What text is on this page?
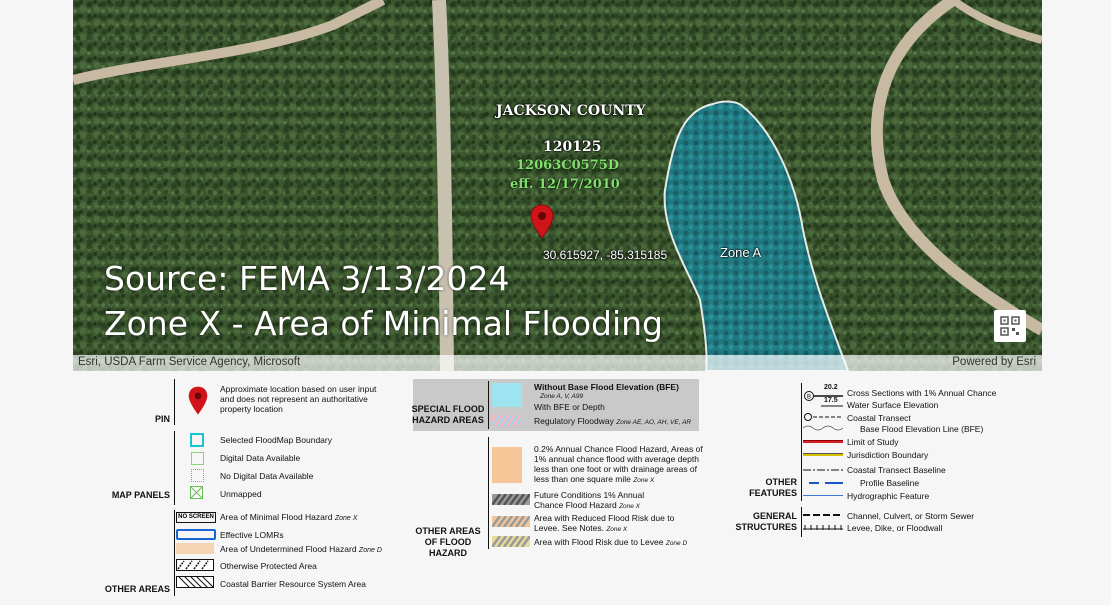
JACKSON COUNTY
120125
12063C0575D
eff. 12/17/2010
30.615927, -85.315185	Zone A
Source: FEMA 3/13/2024
Zone X - Area of Minimal Flooding
Esri, USDA Farm Service Agency, Microsoft	Powered by Esri
PIN
Approximate location based on user input and does not represent an authoritative property location
MAP PANELS
Selected FloodMap Boundary
Digital Data Available
No Digital Data Available
Unmapped
OTHER AREAS
NO SCREEN Area of Minimal Flood Hazard Zone X
Effective LOMRs
Area of Undetermined Flood Hazard Zone D
Otherwise Protected Area
Coastal Barrier Resource System Area
SPECIAL FLOOD HAZARD AREAS
Without Base Flood Elevation (BFE)
Zone A, V, A99
With BFE or Depth
Regulatory Floodway Zone AE, AO, AH, VE, AR
OTHER AREAS OF FLOOD HAZARD
0.2% Annual Chance Flood Hazard, Areas of 1% annual chance flood with average depth less than one foot or with drainage areas of less than one square mile Zone X
Future Conditions 1% Annual Chance Flood Hazard Zone X
Area with Reduced Flood Risk due to Levee. See Notes. Zone X
Area with Flood Risk due to Levee Zone D
OTHER FEATURES
B
20.2
17.5
Cross Sections with 1% Annual Chance
Water Surface Elevation
Coastal Transect
Base Flood Elevation Line (BFE)
Limit of Study
Jurisdiction Boundary
Coastal Transect Baseline
Profile Baseline
Hydrographic Feature
GENERAL STRUCTURES
Channel, Culvert, or Storm Sewer
Levee, Dike, or Floodwall
